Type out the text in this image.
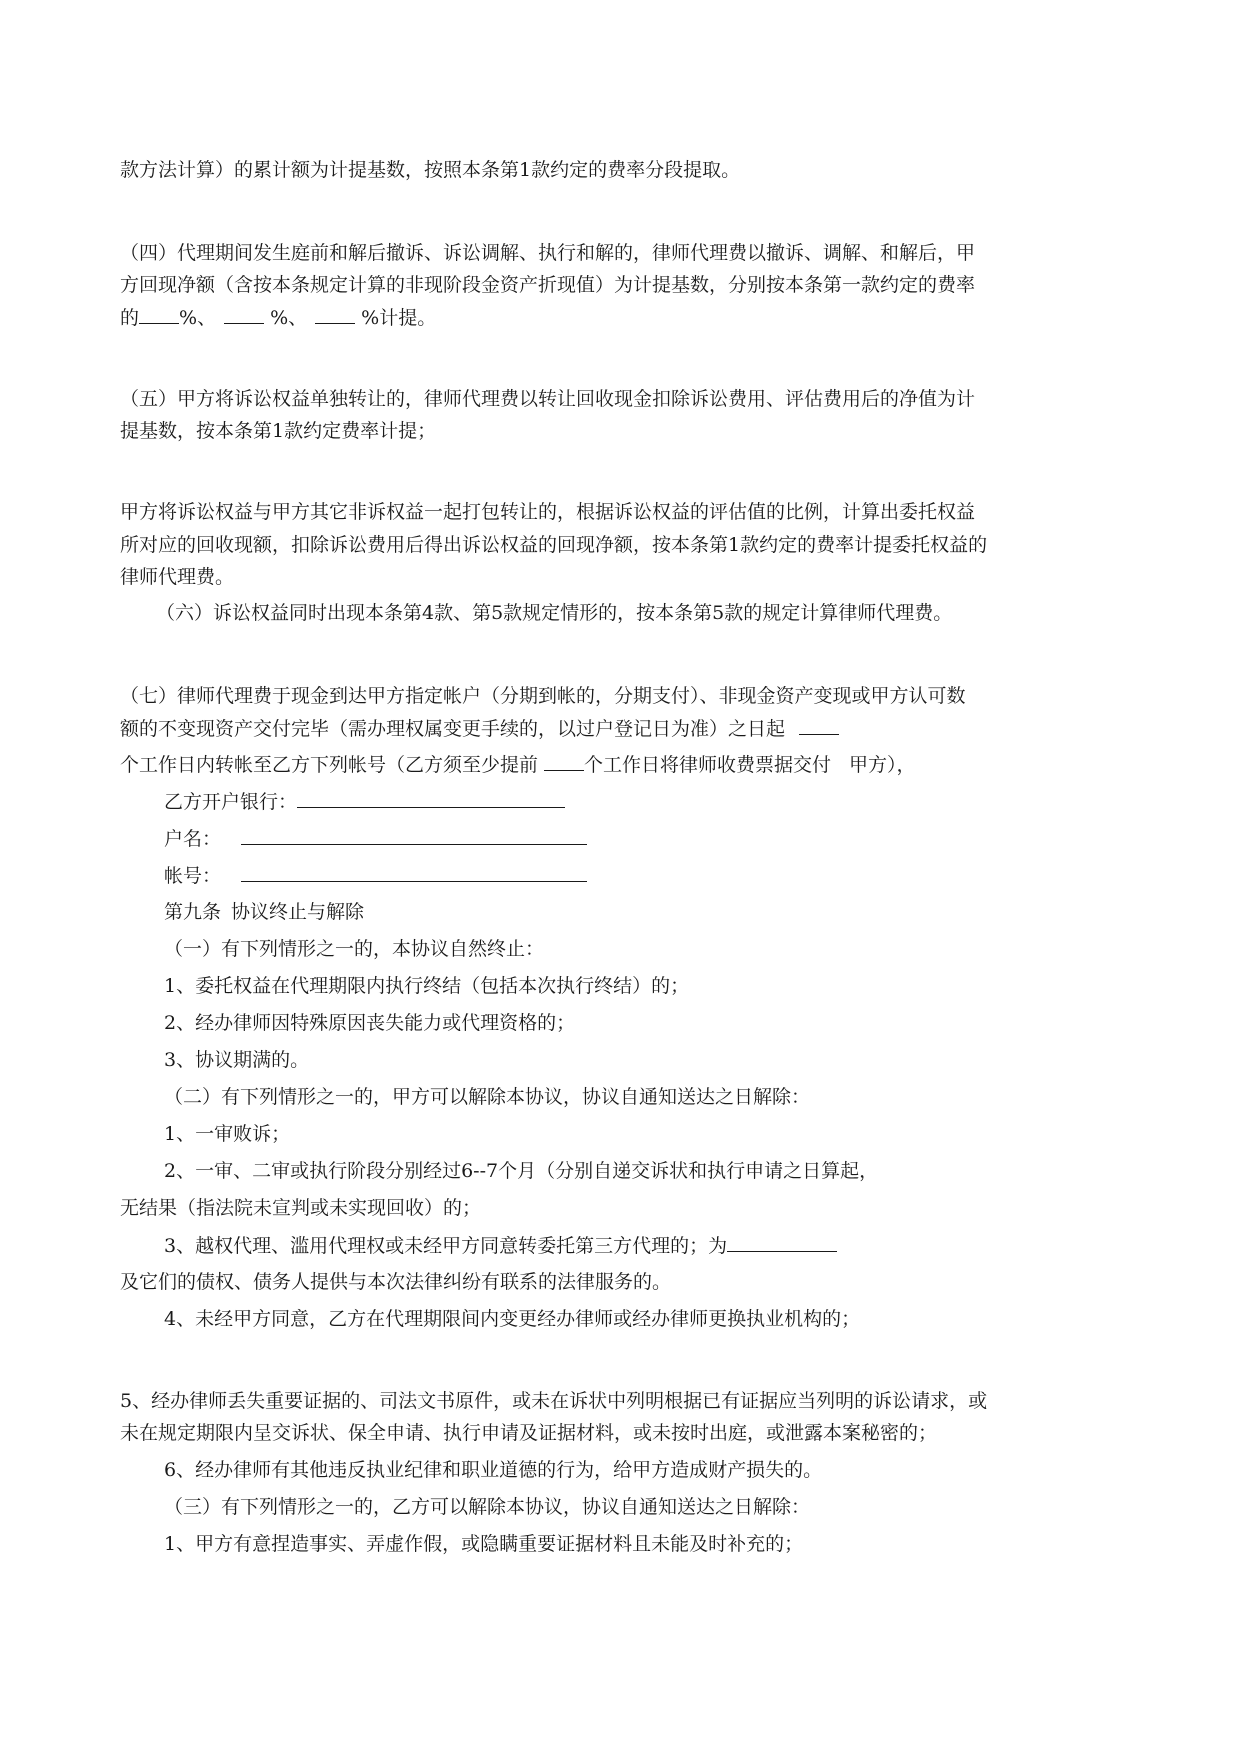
款方法计算）的累计额为计提基数，按照本条第1款约定的费率分段提取。
（四）代理期间发生庭前和解后撤诉、诉讼调解、执行和解的，律师代理费以撤诉、调解、和解后，甲
方回现净额（含按本条规定计算的非现阶段金资产折现值）为计提基数，分别按本条第一款约定的费率
的 %、	%、	%计提。
（五）甲方将诉讼权益单独转让的，律师代理费以转让回收现金扣除诉讼费用、评估费用后的净值为计
提基数，按本条第1款约定费率计提；
甲方将诉讼权益与甲方其它非诉权益一起打包转让的，根据诉讼权益的评估值的比例，计算出委托权益
所对应的回收现额，扣除诉讼费用后得出诉讼权益的回现净额，按本条第1款约定的费率计提委托权益的
律师代理费。
（六）诉讼权益同时出现本条第4款、第5款规定情形的，按本条第5款的规定计算律师代理费。
（七）律师代理费于现金到达甲方指定帐户（分期到帐的，分期支付）、非现金资产变现或甲方认可数
额的不变现资产交付完毕（需办理权属变更手续的，以过户登记日为准）之日起
个工作日内转帐至乙方下列帐号（乙方须至少提前 个工作日将律师收费票据交付 甲方），
乙方开户银行：
户名：
帐号：
第九条 协议终止与解除
（一）有下列情形之一的，本协议自然终止：
1、委托权益在代理期限内执行终结（包括本次执行终结）的；
2、经办律师因特殊原因丧失能力或代理资格的；
3、协议期满的。
（二）有下列情形之一的，甲方可以解除本协议，协议自通知送达之日解除：
1、一审败诉；
2、一审、二审或执行阶段分别经过6--7个月（分别自递交诉状和执行申请之日算起，
无结果（指法院未宣判或未实现回收）的；
3、越权代理、滥用代理权或未经甲方同意转委托第三方代理的；为
及它们的债权、债务人提供与本次法律纠纷有联系的法律服务的。
4、未经甲方同意，乙方在代理期限间内变更经办律师或经办律师更换执业机构的；
5、经办律师丢失重要证据的、司法文书原件，或未在诉状中列明根据已有证据应当列明的诉讼请求，或
未在规定期限内呈交诉状、保全申请、执行申请及证据材料，或未按时出庭，或泄露本案秘密的；
6、经办律师有其他违反执业纪律和职业道德的行为，给甲方造成财产损失的。
（三）有下列情形之一的，乙方可以解除本协议，协议自通知送达之日解除：
1、甲方有意捏造事实、弄虚作假，或隐瞒重要证据材料且未能及时补充的；
